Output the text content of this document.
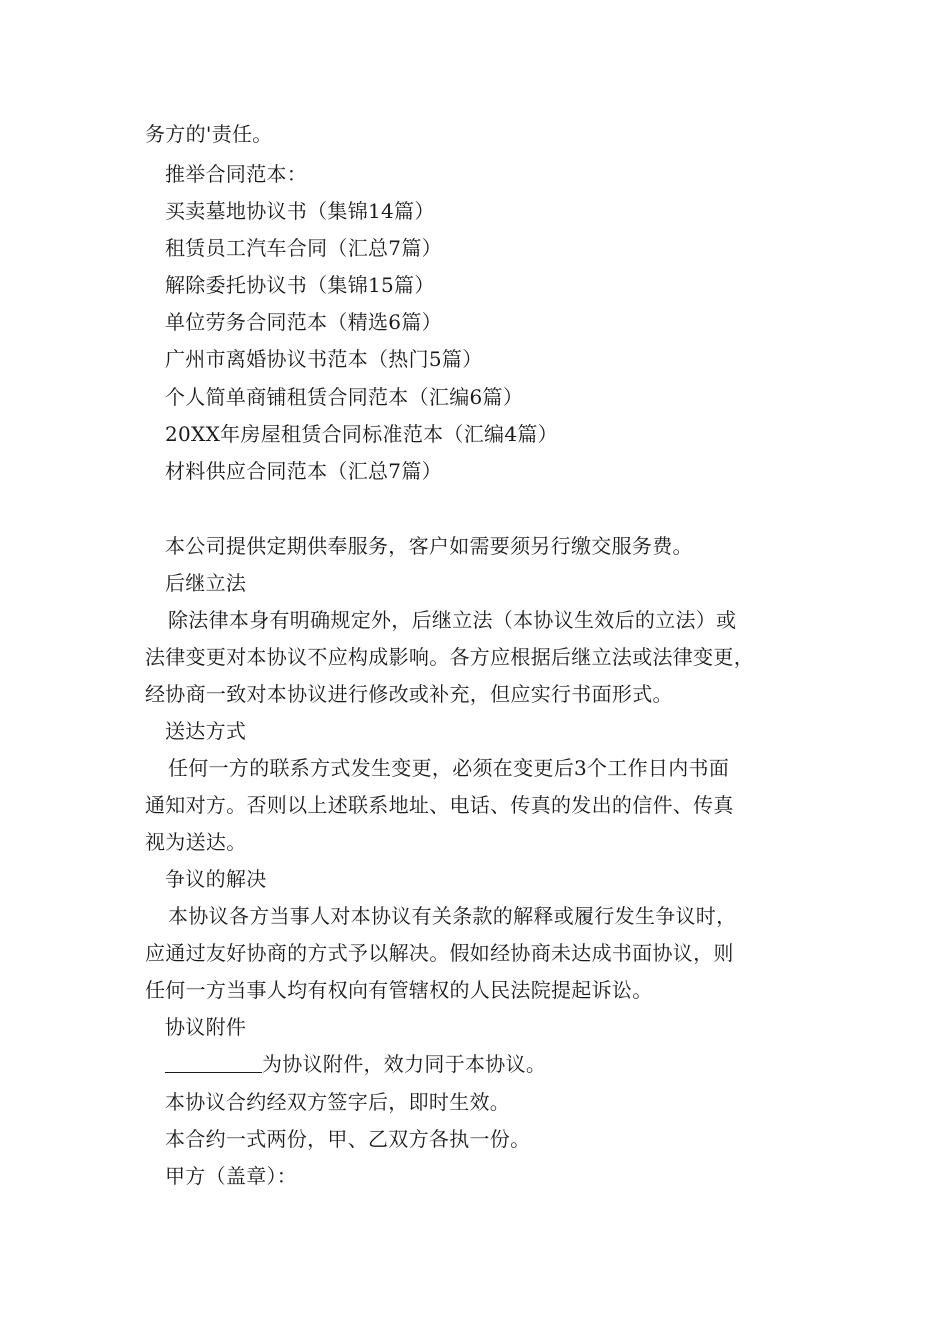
务方的'责任。
推举合同范本：
买卖墓地协议书（集锦14篇）
租赁员工汽车合同（汇总7篇）
解除委托协议书（集锦15篇）
单位劳务合同范本（精选6篇）
广州市离婚协议书范本（热门5篇）
个人简单商铺租赁合同范本（汇编6篇）
20XX年房屋租赁合同标准范本（汇编4篇）
材料供应合同范本（汇总7篇）
本公司提供定期供奉服务，客户如需要须另行缴交服务费。
后继立法
除法律本身有明确规定外，后继立法（本协议生效后的立法）或
法律变更对本协议不应构成影响。各方应根据后继立法或法律变更，
经协商一致对本协议进行修改或补充，但应实行书面形式。
送达方式
任何一方的联系方式发生变更，必须在变更后3个工作日内书面
通知对方。否则以上述联系地址、电话、传真的发出的信件、传真
视为送达。
争议的解决
本协议各方当事人对本协议有关条款的解释或履行发生争议时，
应通过友好协商的方式予以解决。假如经协商未达成书面协议，则
任何一方当事人均有权向有管辖权的人民法院提起诉讼。
协议附件
为协议附件，效力同于本协议。
本协议合约经双方签字后，即时生效。
本合约一式两份，甲、乙双方各执一份。
甲方（盖章）：
